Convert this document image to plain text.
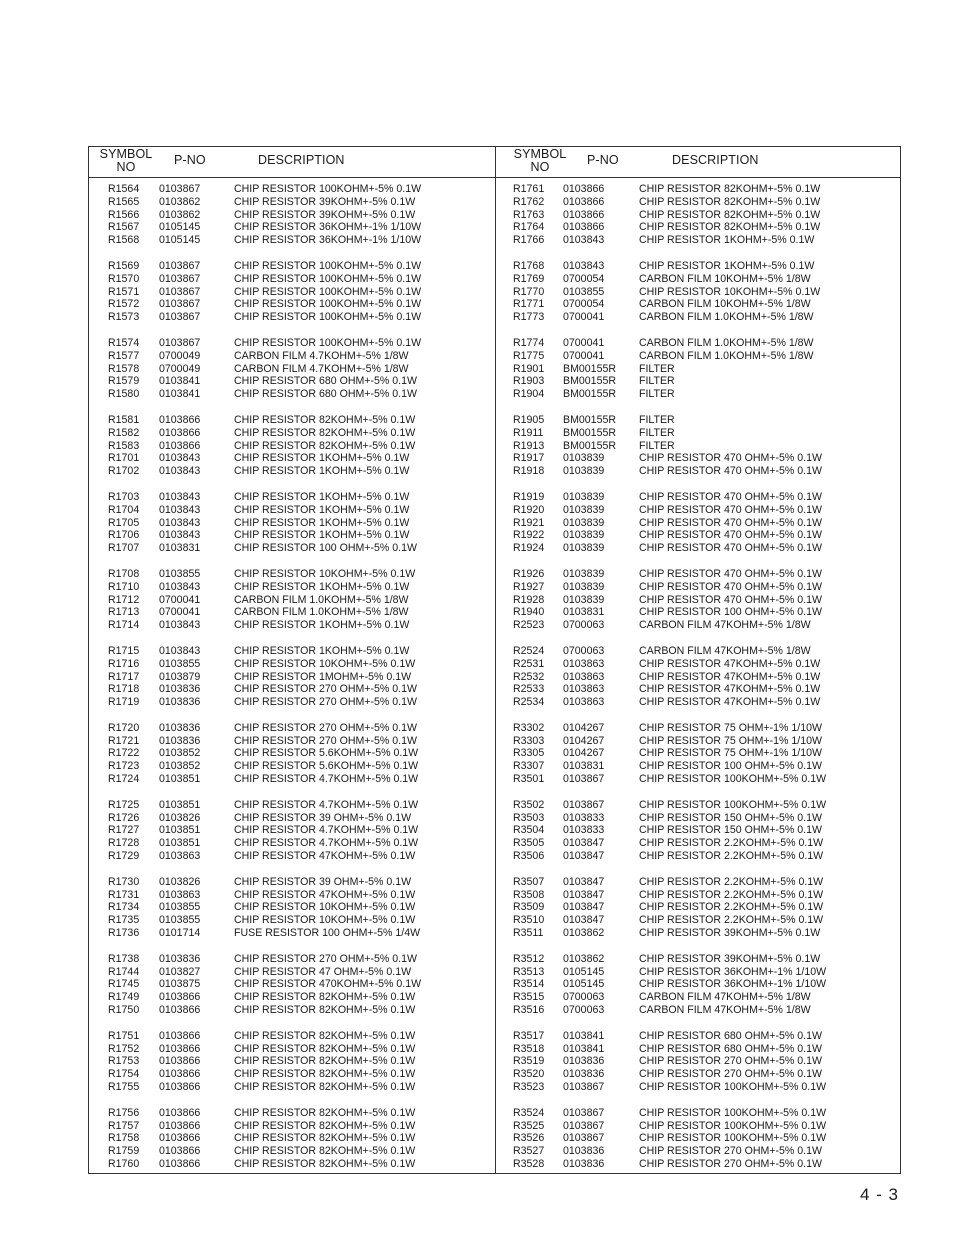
SYMBOL
NO	P-NO	DESCRIPTION	SYMBOL
NO	P-NO	DESCRIPTION
R1564 0103867	CHIP RESISTOR 100KOHM+-5% 0.1W
R1565 0103862	CHIP RESISTOR 39KOHM+-5% 0.1W
R1566 0103862	CHIP RESISTOR 39KOHM+-5% 0.1W
R1567 0105145	CHIP RESISTOR 36KOHM+-1% 1/10W
R1568 0105145	CHIP RESISTOR 36KOHM+-1% 1/10W
R1569 0103867	CHIP RESISTOR 100KOHM+-5% 0.1W
R1570 0103867	CHIP RESISTOR 100KOHM+-5% 0.1W
R1571 0103867	CHIP RESISTOR 100KOHM+-5% 0.1W
R1572 0103867	CHIP RESISTOR 100KOHM+-5% 0.1W
R1573 0103867	CHIP RESISTOR 100KOHM+-5% 0.1W
R1574 0103867	CHIP RESISTOR 100KOHM+-5% 0.1W
R1577 0700049	CARBON FILM 4.7KOHM+-5% 1/8W
R1578 0700049	CARBON FILM 4.7KOHM+-5% 1/8W
R1579 0103841	CHIP RESISTOR 680 OHM+-5% 0.1W
R1580 0103841	CHIP RESISTOR 680 OHM+-5% 0.1W
R1581 0103866	CHIP RESISTOR 82KOHM+-5% 0.1W
R1582 0103866	CHIP RESISTOR 82KOHM+-5% 0.1W
R1583 0103866	CHIP RESISTOR 82KOHM+-5% 0.1W
R1701 0103843	CHIP RESISTOR 1KOHM+-5% 0.1W
R1702 0103843	CHIP RESISTOR 1KOHM+-5% 0.1W
R1703 0103843	CHIP RESISTOR 1KOHM+-5% 0.1W
R1704 0103843	CHIP RESISTOR 1KOHM+-5% 0.1W
R1705 0103843	CHIP RESISTOR 1KOHM+-5% 0.1W
R1706 0103843	CHIP RESISTOR 1KOHM+-5% 0.1W
R1707 0103831	CHIP RESISTOR 100 OHM+-5% 0.1W
R1708 0103855	CHIP RESISTOR 10KOHM+-5% 0.1W
R1710 0103843	CHIP RESISTOR 1KOHM+-5% 0.1W
R1712 0700041	CARBON FILM 1.0KOHM+-5% 1/8W
R1713 0700041	CARBON FILM 1.0KOHM+-5% 1/8W
R1714 0103843	CHIP RESISTOR 1KOHM+-5% 0.1W
R1715 0103843	CHIP RESISTOR 1KOHM+-5% 0.1W
R1716 0103855	CHIP RESISTOR 10KOHM+-5% 0.1W
R1717 0103879	CHIP RESISTOR 1MOHM+-5% 0.1W
R1718 0103836	CHIP RESISTOR 270 OHM+-5% 0.1W
R1719 0103836	CHIP RESISTOR 270 OHM+-5% 0.1W
R1720 0103836	CHIP RESISTOR 270 OHM+-5% 0.1W
R1721 0103836	CHIP RESISTOR 270 OHM+-5% 0.1W
R1722 0103852	CHIP RESISTOR 5.6KOHM+-5% 0.1W
R1723 0103852	CHIP RESISTOR 5.6KOHM+-5% 0.1W
R1724 0103851	CHIP RESISTOR 4.7KOHM+-5% 0.1W
R1725 0103851	CHIP RESISTOR 4.7KOHM+-5% 0.1W
R1726 0103826	CHIP RESISTOR 39 OHM+-5% 0.1W
R1727 0103851	CHIP RESISTOR 4.7KOHM+-5% 0.1W
R1728 0103851	CHIP RESISTOR 4.7KOHM+-5% 0.1W
R1729 0103863	CHIP RESISTOR 47KOHM+-5% 0.1W
R1730 0103826	CHIP RESISTOR 39 OHM+-5% 0.1W
R1731 0103863	CHIP RESISTOR 47KOHM+-5% 0.1W
R1734 0103855	CHIP RESISTOR 10KOHM+-5% 0.1W
R1735 0103855	CHIP RESISTOR 10KOHM+-5% 0.1W
R1736 0101714	FUSE RESISTOR 100 OHM+-5% 1/4W
R1738 0103836	CHIP RESISTOR 270 OHM+-5% 0.1W
R1744 0103827	CHIP RESISTOR 47 OHM+-5% 0.1W
R1745 0103875	CHIP RESISTOR 470KOHM+-5% 0.1W
R1749 0103866	CHIP RESISTOR 82KOHM+-5% 0.1W
R1750 0103866	CHIP RESISTOR 82KOHM+-5% 0.1W
R1751 0103866	CHIP RESISTOR 82KOHM+-5% 0.1W
R1752 0103866	CHIP RESISTOR 82KOHM+-5% 0.1W
R1753 0103866	CHIP RESISTOR 82KOHM+-5% 0.1W
R1754 0103866	CHIP RESISTOR 82KOHM+-5% 0.1W
R1755 0103866	CHIP RESISTOR 82KOHM+-5% 0.1W
R1756 0103866	CHIP RESISTOR 82KOHM+-5% 0.1W
R1757 0103866	CHIP RESISTOR 82KOHM+-5% 0.1W
R1758 0103866	CHIP RESISTOR 82KOHM+-5% 0.1W
R1759 0103866	CHIP RESISTOR 82KOHM+-5% 0.1W
R1760 0103866	CHIP RESISTOR 82KOHM+-5% 0.1W
R1761 0103866	CHIP RESISTOR 82KOHM+-5% 0.1W
R1762 0103866	CHIP RESISTOR 82KOHM+-5% 0.1W
R1763 0103866	CHIP RESISTOR 82KOHM+-5% 0.1W
R1764 0103866	CHIP RESISTOR 82KOHM+-5% 0.1W
R1766 0103843	CHIP RESISTOR 1KOHM+-5% 0.1W
R1768 0103843	CHIP RESISTOR 1KOHM+-5% 0.1W
R1769 0700054	CARBON FILM 10KOHM+-5% 1/8W
R1770 0103855	CHIP RESISTOR 10KOHM+-5% 0.1W
R1771 0700054	CARBON FILM 10KOHM+-5% 1/8W
R1773 0700041	CARBON FILM 1.0KOHM+-5% 1/8W
R1774 0700041	CARBON FILM 1.0KOHM+-5% 1/8W
R1775 0700041	CARBON FILM 1.0KOHM+-5% 1/8W
R1901 BM00155R FILTER
R1903 BM00155R FILTER
R1904 BM00155R FILTER
R1905 BM00155R FILTER
R1911 BM00155R FILTER
R1913 BM00155R FILTER
R1917 0103839	CHIP RESISTOR 470 OHM+-5% 0.1W
R1918 0103839	CHIP RESISTOR 470 OHM+-5% 0.1W
R1919 0103839	CHIP RESISTOR 470 OHM+-5% 0.1W
R1920 0103839	CHIP RESISTOR 470 OHM+-5% 0.1W
R1921 0103839	CHIP RESISTOR 470 OHM+-5% 0.1W
R1922 0103839	CHIP RESISTOR 470 OHM+-5% 0.1W
R1924 0103839	CHIP RESISTOR 470 OHM+-5% 0.1W
R1926 0103839	CHIP RESISTOR 470 OHM+-5% 0.1W
R1927 0103839	CHIP RESISTOR 470 OHM+-5% 0.1W
R1928 0103839	CHIP RESISTOR 470 OHM+-5% 0.1W
R1940 0103831	CHIP RESISTOR 100 OHM+-5% 0.1W
R2523 0700063	CARBON FILM 47KOHM+-5% 1/8W
R2524 0700063	CARBON FILM 47KOHM+-5% 1/8W
R2531 0103863	CHIP RESISTOR 47KOHM+-5% 0.1W
R2532 0103863	CHIP RESISTOR 47KOHM+-5% 0.1W
R2533 0103863	CHIP RESISTOR 47KOHM+-5% 0.1W
R2534 0103863	CHIP RESISTOR 47KOHM+-5% 0.1W
R3302 0104267	CHIP RESISTOR 75 OHM+-1% 1/10W
R3303 0104267	CHIP RESISTOR 75 OHM+-1% 1/10W
R3305 0104267	CHIP RESISTOR 75 OHM+-1% 1/10W
R3307 0103831	CHIP RESISTOR 100 OHM+-5% 0.1W
R3501 0103867	CHIP RESISTOR 100KOHM+-5% 0.1W
R3502 0103867	CHIP RESISTOR 100KOHM+-5% 0.1W
R3503 0103833	CHIP RESISTOR 150 OHM+-5% 0.1W
R3504 0103833	CHIP RESISTOR 150 OHM+-5% 0.1W
R3505 0103847	CHIP RESISTOR 2.2KOHM+-5% 0.1W
R3506 0103847	CHIP RESISTOR 2.2KOHM+-5% 0.1W
R3507 0103847	CHIP RESISTOR 2.2KOHM+-5% 0.1W
R3508 0103847	CHIP RESISTOR 2.2KOHM+-5% 0.1W
R3509 0103847	CHIP RESISTOR 2.2KOHM+-5% 0.1W
R3510 0103847	CHIP RESISTOR 2.2KOHM+-5% 0.1W
R3511 0103862	CHIP RESISTOR 39KOHM+-5% 0.1W
R3512 0103862	CHIP RESISTOR 39KOHM+-5% 0.1W
R3513 0105145	CHIP RESISTOR 36KOHM+-1% 1/10W
R3514 0105145	CHIP RESISTOR 36KOHM+-1% 1/10W
R3515 0700063	CARBON FILM 47KOHM+-5% 1/8W
R3516 0700063	CARBON FILM 47KOHM+-5% 1/8W
R3517 0103841	CHIP RESISTOR 680 OHM+-5% 0.1W
R3518 0103841	CHIP RESISTOR 680 OHM+-5% 0.1W
R3519 0103836	CHIP RESISTOR 270 OHM+-5% 0.1W
R3520 0103836	CHIP RESISTOR 270 OHM+-5% 0.1W
R3523 0103867	CHIP RESISTOR 100KOHM+-5% 0.1W
R3524 0103867	CHIP RESISTOR 100KOHM+-5% 0.1W
R3525 0103867	CHIP RESISTOR 100KOHM+-5% 0.1W
R3526 0103867	CHIP RESISTOR 100KOHM+-5% 0.1W
R3527 0103836	CHIP RESISTOR 270 OHM+-5% 0.1W
R3528 0103836	CHIP RESISTOR 270 OHM+-5% 0.1W
4 - 3
